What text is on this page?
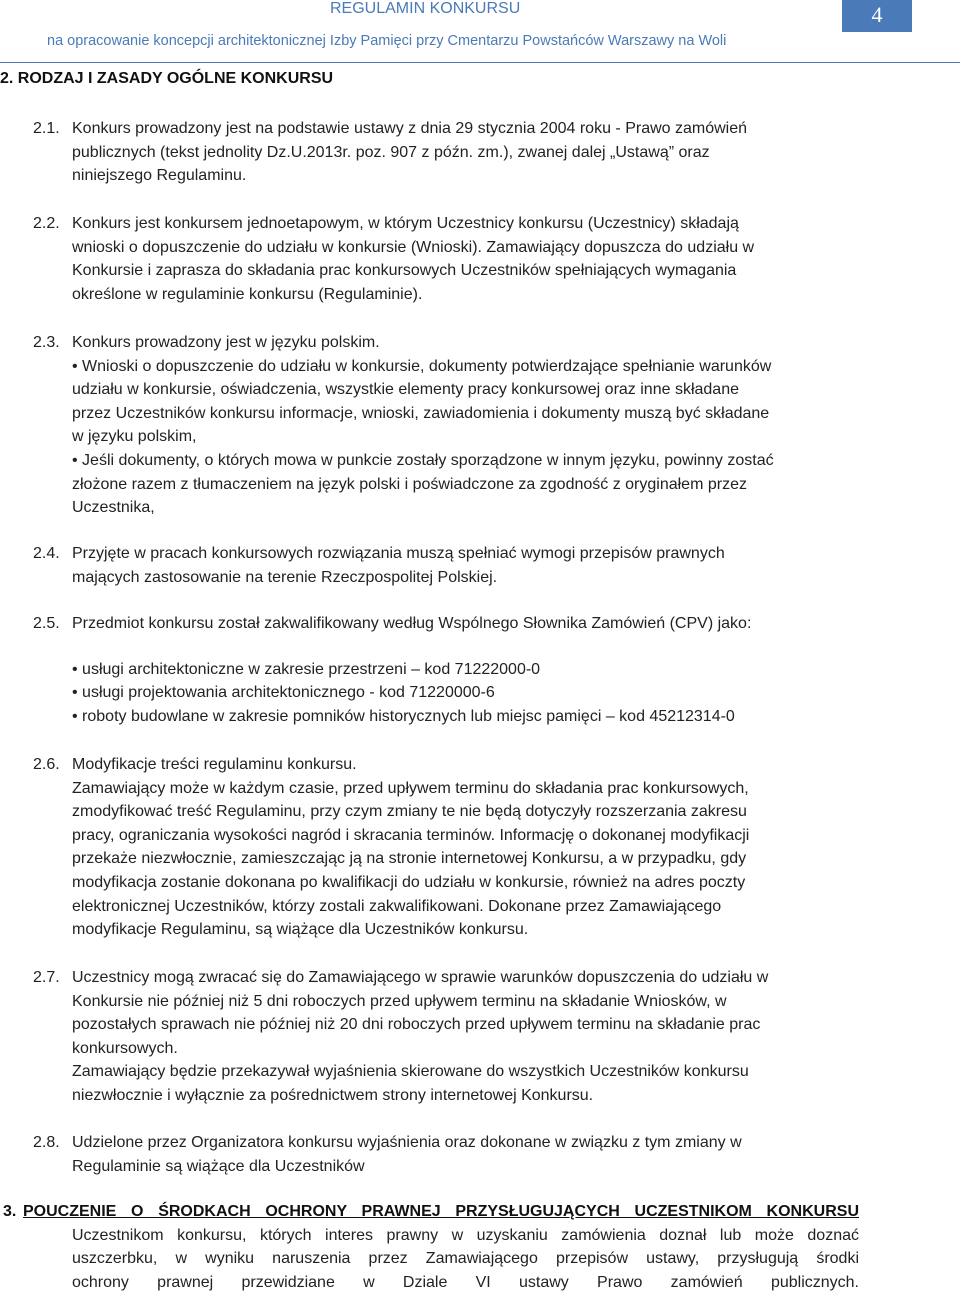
REGULAMIN KONKURSU
na opracowanie koncepcji architektonicznej Izby Pamięci przy Cmentarzu Powstańców Warszawy na Woli
4
2. RODZAJ I ZASADY OGÓLNE KONKURSU
2.1. Konkurs prowadzony jest na podstawie ustawy z dnia 29 stycznia 2004 roku - Prawo zamówień
publicznych (tekst jednolity Dz.U.2013r. poz. 907 z późn. zm.), zwanej dalej „Ustawą” oraz
niniejszego Regulaminu.
2.2. Konkurs jest konkursem jednoetapowym, w którym Uczestnicy konkursu (Uczestnicy) składają
wnioski o dopuszczenie do udziału w konkursie (Wnioski). Zamawiający dopuszcza do udziału w
Konkursie i zaprasza do składania prac konkursowych Uczestników spełniających wymagania
określone w regulaminie konkursu (Regulaminie).
2.3. Konkurs prowadzony jest w języku polskim.
• Wnioski o dopuszczenie do udziału w konkursie, dokumenty potwierdzające spełnianie warunków
udziału w konkursie, oświadczenia, wszystkie elementy pracy konkursowej oraz inne składane
przez Uczestników konkursu informacje, wnioski, zawiadomienia i dokumenty muszą być składane
w języku polskim,
• Jeśli dokumenty, o których mowa w punkcie zostały sporządzone w innym języku, powinny zostać
złożone razem z tłumaczeniem na język polski i poświadczone za zgodność z oryginałem przez
Uczestnika,
2.4. Przyjęte w pracach konkursowych rozwiązania muszą spełniać wymogi przepisów prawnych
mających zastosowanie na terenie Rzeczpospolitej Polskiej.
2.5. Przedmiot konkursu został zakwalifikowany według Wspólnego Słownika Zamówień (CPV) jako:
• usługi architektoniczne w zakresie przestrzeni – kod 71222000-0
• usługi projektowania architektonicznego - kod 71220000-6
• roboty budowlane w zakresie pomników historycznych lub miejsc pamięci – kod 45212314-0
2.6. Modyfikacje treści regulaminu konkursu.
Zamawiający może w każdym czasie, przed upływem terminu do składania prac konkursowych,
zmodyfikować treść Regulaminu, przy czym zmiany te nie będą dotyczyły rozszerzania zakresu
pracy, ograniczania wysokości nagród i skracania terminów. Informację o dokonanej modyfikacji
przekaże niezwłocznie, zamieszczając ją na stronie internetowej Konkursu, a w przypadku, gdy
modyfikacja zostanie dokonana po kwalifikacji do udziału w konkursie, również na adres poczty
elektronicznej Uczestników, którzy zostali zakwalifikowani. Dokonane przez Zamawiającego
modyfikacje Regulaminu, są wiążące dla Uczestników konkursu.
2.7. Uczestnicy mogą zwracać się do Zamawiającego w sprawie warunków dopuszczenia do udziału w
Konkursie nie później niż 5 dni roboczych przed upływem terminu na składanie Wniosków, w
pozostałych sprawach nie później niż 20 dni roboczych przed upływem terminu na składanie prac
konkursowych.
Zamawiający będzie przekazywał wyjaśnienia skierowane do wszystkich Uczestników konkursu
niezwłocznie i wyłącznie za pośrednictwem strony internetowej Konkursu.
2.8. Udzielone przez Organizatora konkursu wyjaśnienia oraz dokonane w związku z tym zmiany w
Regulaminie są wiążące dla Uczestników
3. POUCZENIE O ŚRODKACH OCHRONY PRAWNEJ PRZYSŁUGUJĄCYCH UCZESTNIKOM KONKURSU
Uczestnikom konkursu, których interes prawny w uzyskaniu zamówienia doznał lub może doznać
uszczerbku, w wyniku naruszenia przez Zamawiającego przepisów ustawy, przysługują środki
ochrony prawnej przewidziane w Dziale VI ustawy Prawo zamówień publicznych.
